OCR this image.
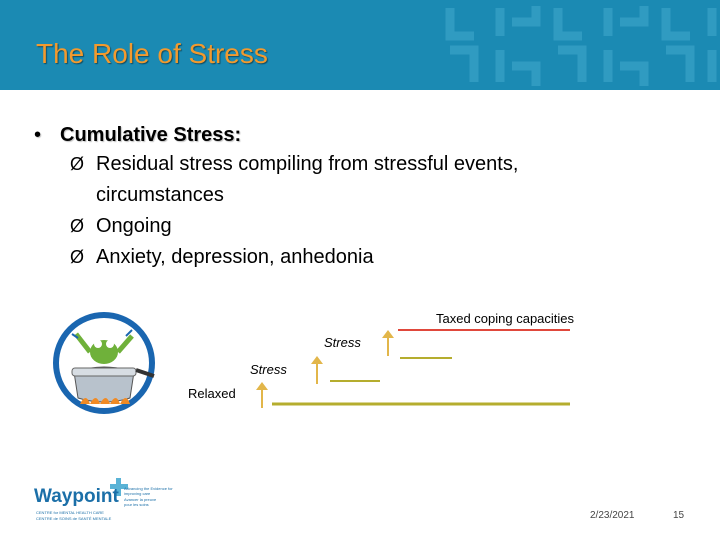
The Role of Stress
• Cumulative Stress:
Ø Residual stress compiling from stressful events,
circumstances
Ø Ongoing
Ø Anxiety, depression, anhedonia
Taxed coping capacities
Stress
Stress
Relaxed
Waypoint Advancing the Evidence for
improving care
Avancer la preuve
pour les soins
CENTRE for MENTAL HEALTH CARE
CENTRE de SOINS de SANTÉ MENTALE	2/23/2021	15
